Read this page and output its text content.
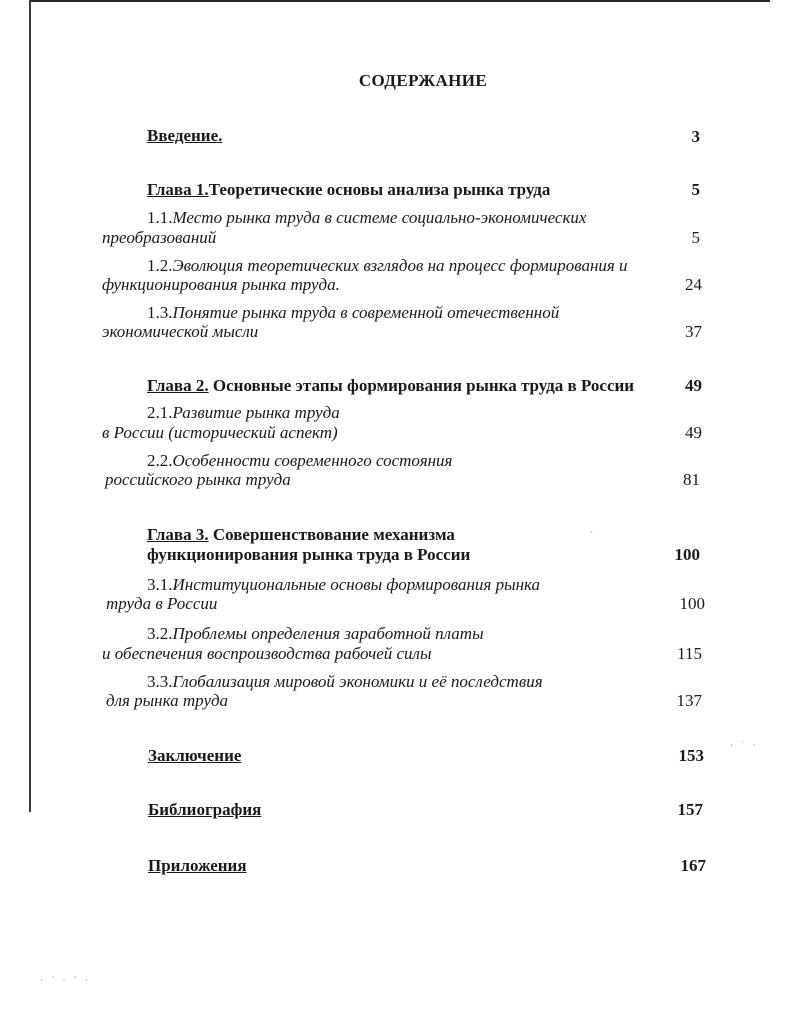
СОДЕРЖАНИЕ
Введение.	3
Глава 1.Теоретические основы анализа рынка труда	5
1.1.Место рынка труда в системе социально-экономических
преобразований	5
1.2.Эволюция теоретических взглядов на процесс формирования и
функционирования рынка труда.	24
1.3.Понятие рынка труда в современной отечественной
экономической мысли	37
Глава 2. Основные этапы формирования рынка труда в России	49
2.1.Развитие рынка труда
в России (исторический аспект)	49
2.2.Особенности современного состояния
российского рынка труда	81
Глава 3. Совершенствование механизма
функционирования рынка труда в России	100
3.1.Институциональные основы формирования рынка
труда в России	100
3.2.Проблемы определения заработной платы
и обеспечения воспроизводства рабочей силы	115
3.3.Глобализация мировой экономики и её последствия
для рынка труда	137
Заключение	153
Библиография	157
Приложения	167
· ˙ ·
· ˙ · ´ ·
´
